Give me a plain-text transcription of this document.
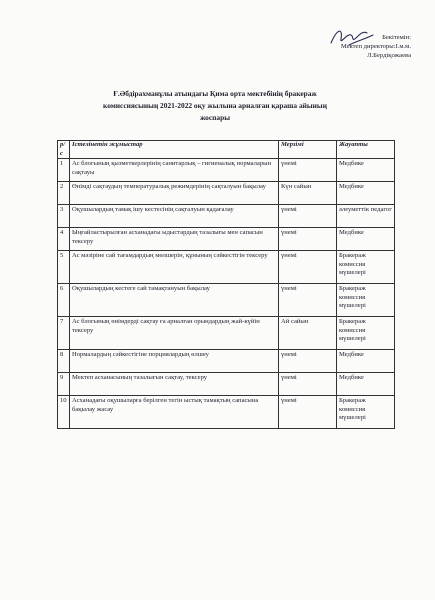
Бекітемін:
Мектеп директоры:І.м.м.
Л.Бердіқожаева
Ғ.Әбдірахманұлы атындағы Қима орта мектебінің бракераж
комиссиясының 2021-2022 оқу жылына арналған қараша айының
жоспары
р/с	Істелінетін жұмыстар	Мерзімі	Жауапты
1	Ас блогының қызметкерлерінің санитарлық – гигиеналық нормаларын сақтауы	үнемі	Медбике
2	Өнімді сақтаудың температуралық режимдерінің сақталуын бақылау	Күн сайын	Медбике
3	Оқушылардың тамақ ішу кестесінің сақталуын қадағалау	үнемі	әлеуметтік педагог
4	Ыңғайластырылған асханадағы ыдыстардың тазалығы мен сапасын тексеру	үнемі	Медбике
5	Ас мәзіріне сай тағамдардың мөлшерін, құнының сәйкестігін тексеру	үнемі	Бракераж комиссия мүшелері
6	Оқушылардың кестеге сай тамақтануын бақылау	үнемі	Бракераж комиссия мүшелері
7	Ас блогының өнімдерді сақтау ға арналған орындардың жай-күйін тексеру	Ай сайын	Бракераж комиссия мүшелері
8	Нормалардың сәйкестігіне порциялардың өлшеу	үнемі	Медбике
9	Мектеп асханасының тазалығын сақтау, тексеру	үнемі	Медбике
10	Асханадағы оқушыларға берілген тегін ыстық тамақтың сапасына бақылау жасау	үнемі	Бракераж комиссия мүшелері
